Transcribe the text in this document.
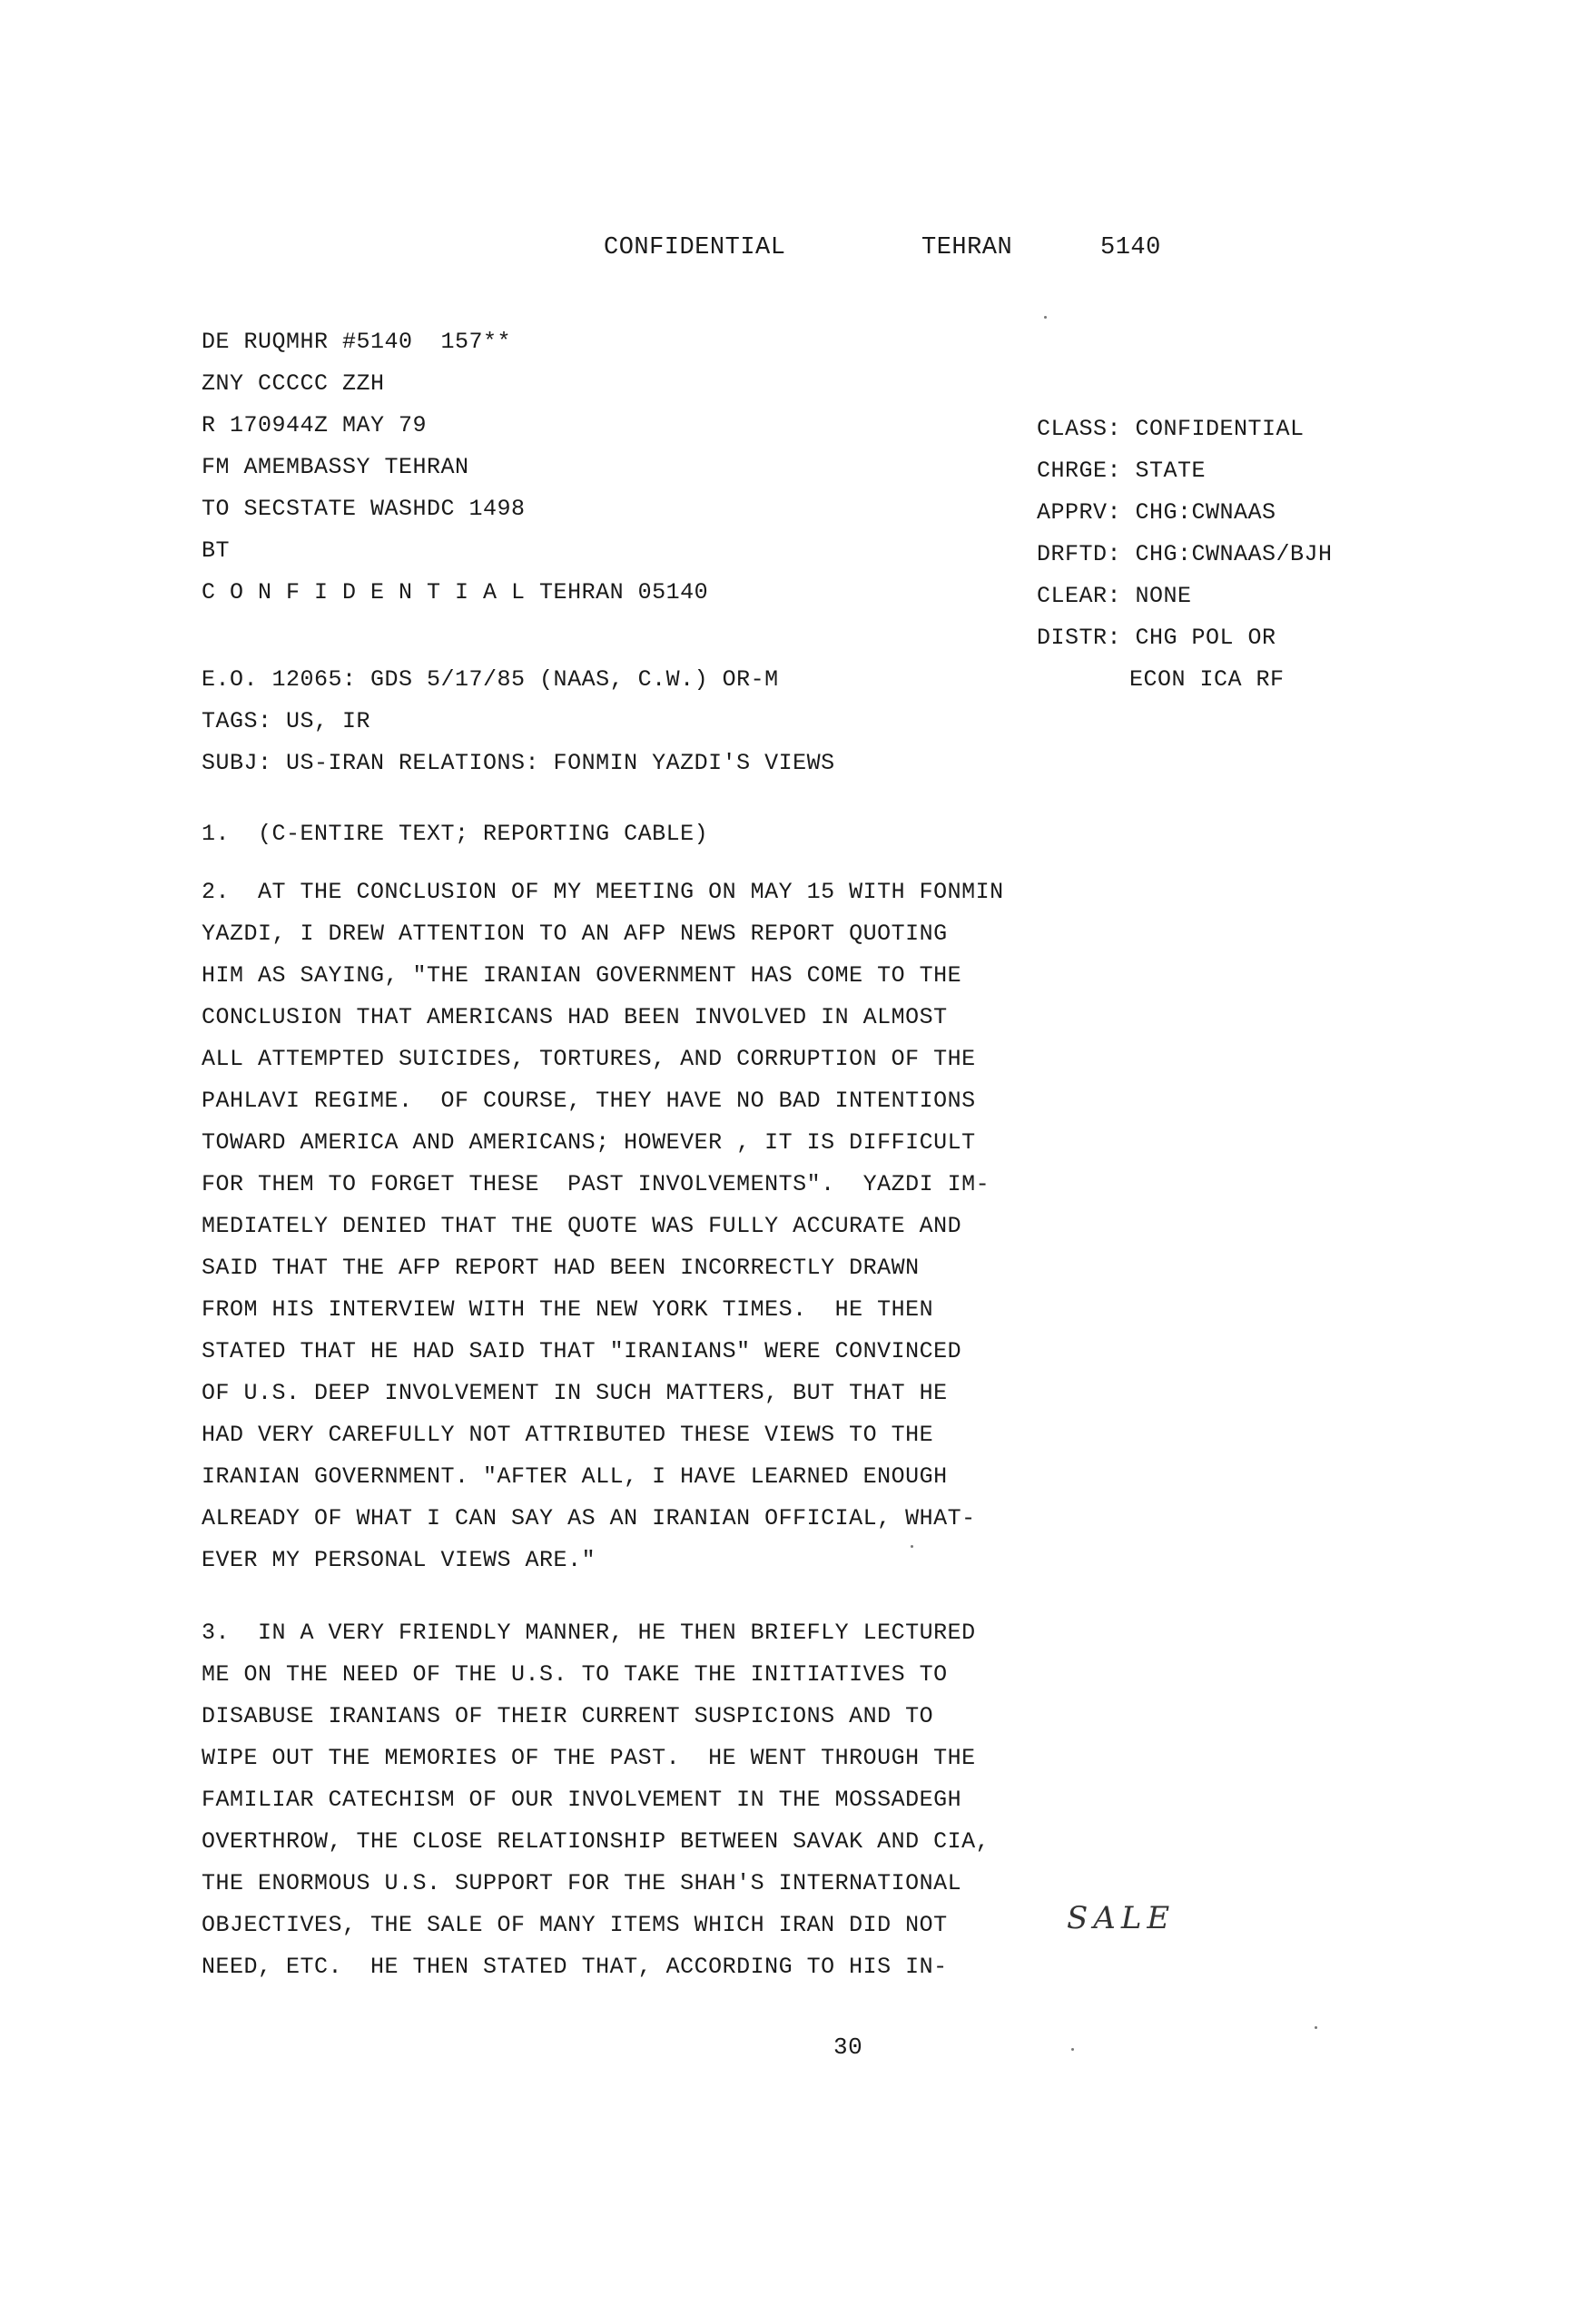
CONFIDENTIAL	TEHRAN	5140
DE RUQMHR #5140  157**
ZNY CCCCC ZZH
R 170944Z MAY 79
FM AMEMBASSY TEHRAN
TO SECSTATE WASHDC 1498
BT
C O N F I D E N T I A L TEHRAN 05140
CLASS: CONFIDENTIAL
CHRGE: STATE
APPRV: CHG:CWNAAS
DRFTD: CHG:CWNAAS/BJH
CLEAR: NONE
DISTR: CHG POL OR
ECON ICA RF
E.O. 12065: GDS 5/17/85 (NAAS, C.W.) OR-M
TAGS: US, IR
SUBJ: US-IRAN RELATIONS: FONMIN YAZDI'S VIEWS
1.  (C-ENTIRE TEXT; REPORTING CABLE)
2.  AT THE CONCLUSION OF MY MEETING ON MAY 15 WITH FONMIN
YAZDI, I DREW ATTENTION TO AN AFP NEWS REPORT QUOTING
HIM AS SAYING, "THE IRANIAN GOVERNMENT HAS COME TO THE
CONCLUSION THAT AMERICANS HAD BEEN INVOLVED IN ALMOST
ALL ATTEMPTED SUICIDES, TORTURES, AND CORRUPTION OF THE
PAHLAVI REGIME.  OF COURSE, THEY HAVE NO BAD INTENTIONS
TOWARD AMERICA AND AMERICANS; HOWEVER , IT IS DIFFICULT
FOR THEM TO FORGET THESE  PAST INVOLVEMENTS".  YAZDI IM-
MEDIATELY DENIED THAT THE QUOTE WAS FULLY ACCURATE AND
SAID THAT THE AFP REPORT HAD BEEN INCORRECTLY DRAWN
FROM HIS INTERVIEW WITH THE NEW YORK TIMES.  HE THEN
STATED THAT HE HAD SAID THAT "IRANIANS" WERE CONVINCED
OF U.S. DEEP INVOLVEMENT IN SUCH MATTERS, BUT THAT HE
HAD VERY CAREFULLY NOT ATTRIBUTED THESE VIEWS TO THE
IRANIAN GOVERNMENT. "AFTER ALL, I HAVE LEARNED ENOUGH
ALREADY OF WHAT I CAN SAY AS AN IRANIAN OFFICIAL, WHAT-
EVER MY PERSONAL VIEWS ARE."
3.  IN A VERY FRIENDLY MANNER, HE THEN BRIEFLY LECTURED
ME ON THE NEED OF THE U.S. TO TAKE THE INITIATIVES TO
DISABUSE IRANIANS OF THEIR CURRENT SUSPICIONS AND TO
WIPE OUT THE MEMORIES OF THE PAST.  HE WENT THROUGH THE
FAMILIAR CATECHISM OF OUR INVOLVEMENT IN THE MOSSADEGH
OVERTHROW, THE CLOSE RELATIONSHIP BETWEEN SAVAK AND CIA,
THE ENORMOUS U.S. SUPPORT FOR THE SHAH'S INTERNATIONAL
OBJECTIVES, THE SALE OF MANY ITEMS WHICH IRAN DID NOT
NEED, ETC.  HE THEN STATED THAT, ACCORDING TO HIS IN-
SALE
30
